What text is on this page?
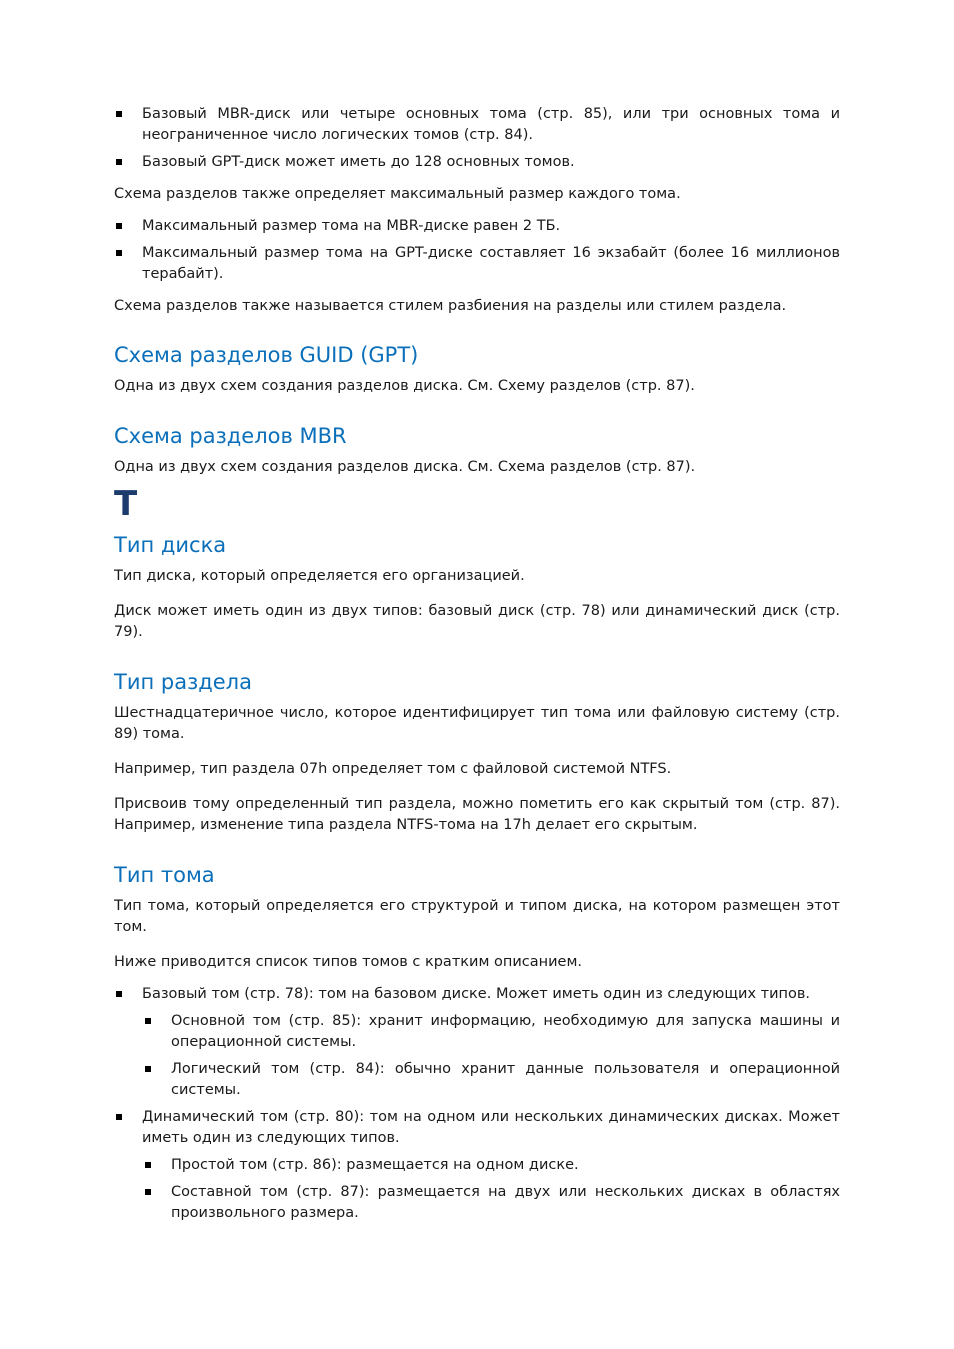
Базовый MBR-диск или четыре основных тома (стр. 85), или три основных тома и неограниченное число логических томов (стр. 84).

Базовый GPT-диск может иметь до 128 основных томов.

Схема разделов также определяет максимальный размер каждого тома.

Максимальный размер тома на MBR-диске равен 2 ТБ.

Максимальный размер тома на GPT-диске составляет 16 экзабайт (более 16 миллионов терабайт).

Схема разделов также называется стилем разбиения на разделы или стилем раздела.

Схема разделов GUID (GPT)

Одна из двух схем создания разделов диска. См. Схему разделов (стр. 87).

Схема разделов MBR

Одна из двух схем создания разделов диска. См. Схема разделов (стр. 87).

T
Тип диска

Тип диска, который определяется его организацией.

Диск может иметь один из двух типов: базовый диск (стр. 78) или динамический диск (стр. 79).

Тип раздела

Шестнадцатеричное число, которое идентифицирует тип тома или файловую систему (стр. 89) тома.

Например, тип раздела 07h определяет том с файловой системой NTFS.

Присвоив тому определенный тип раздела, можно пометить его как скрытый том (стр. 87). Например, изменение типа раздела NTFS-тома на 17h делает его скрытым.

Тип тома

Тип тома, который определяется его структурой и типом диска, на котором размещен этот том.

Ниже приводится список типов томов с кратким описанием.

Базовый том (стр. 78): том на базовом диске. Может иметь один из следующих типов.

Основной том (стр. 85): хранит информацию, необходимую для запуска машины и операционной системы.

Логический том (стр. 84): обычно хранит данные пользователя и операционной системы.

Динамический том (стр. 80): том на одном или нескольких динамических дисках. Может иметь один из следующих типов.

Простой том (стр. 86): размещается на одном диске.

Составной том (стр. 87): размещается на двух или нескольких дисках в областях произвольного размера.
